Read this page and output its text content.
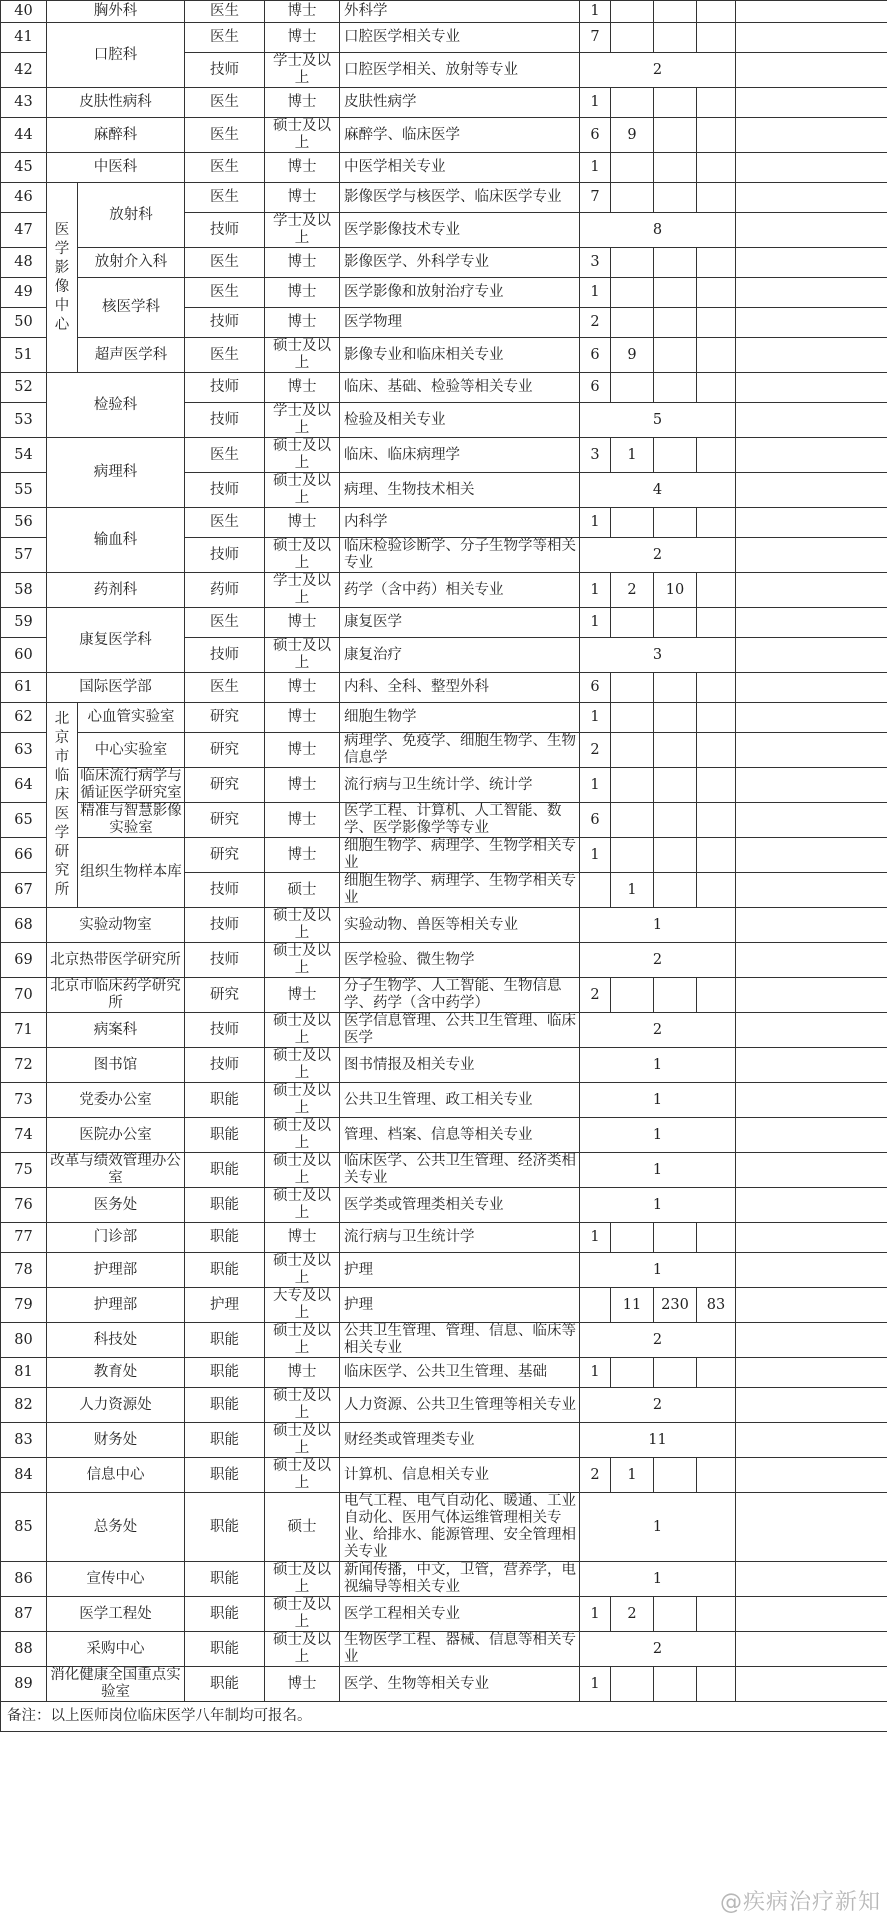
40	胸外科		医生	博士	外科学	1				
41	口腔科		医生	博士	口腔医学相关专业	7				
42			技师	学士及以上	口腔医学相关、放射等专业	2				
43	皮肤性病科		医生	博士	皮肤性病学	1				
44	麻醉科		医生	硕士及以上	麻醉学、临床医学	6	9			
45	中医科		医生	博士	中医学相关专业	1				
46	医学影像中心	放射科	医生	博士	影像医学与核医学、临床医学专业	7				
47			技师	学士及以上	医学影像技术专业	8				
48		放射介入科	医生	博士	影像医学、外科学专业	3				
49		核医学科	医生	博士	医学影像和放射治疗专业	1				
50			技师	博士	医学物理	2				
51		超声医学科	医生	硕士及以上	影像专业和临床相关专业	6	9			
52	检验科		技师	博士	临床、基础、检验等相关专业	6				
53			技师	学士及以上	检验及相关专业	5				
54	病理科		医生	硕士及以上	临床、临床病理学	3	1			
55			技师	硕士及以上	病理、生物技术相关	4				
56	输血科		医生	博士	内科学	1				
57			技师	硕士及以上	临床检验诊断学、分子生物学等相关专业	2				
58	药剂科		药师	学士及以上	药学（含中药）相关专业	1	2	10		
59	康复医学科		医生	博士	康复医学	1				
60			技师	硕士及以上	康复治疗	3				
61	国际医学部		医生	博士	内科、全科、整型外科	6				
62	北京市临床医学研究所	心血管实验室	研究	博士	细胞生物学	1				
63		中心实验室	研究	博士	病理学、免疫学、细胞生物学、生物信息学	2				
64		临床流行病学与循证医学研究室	研究	博士	流行病与卫生统计学、统计学	1				
65		精准与智慧影像实验室	研究	博士	医学工程、计算机、人工智能、数学、医学影像学等专业	6				
66		组织生物样本库	研究	博士	细胞生物学、病理学、生物学相关专业	1				
67			技师	硕士	细胞生物学、病理学、生物学相关专业		1			
68	实验动物室		技师	硕士及以上	实验动物、兽医等相关专业	1				
69	北京热带医学研究所		技师	硕士及以上	医学检验、微生物学	2				
70	北京市临床药学研究所		研究	博士	分子生物学、人工智能、生物信息学、药学（含中药学）	2				
71	病案科		技师	硕士及以上	医学信息管理、公共卫生管理、临床医学	2				
72	图书馆		技师	硕士及以上	图书情报及相关专业	1				
73	党委办公室		职能	硕士及以上	公共卫生管理、政工相关专业	1				
74	医院办公室		职能	硕士及以上	管理、档案、信息等相关专业	1				
75	改革与绩效管理办公室		职能	硕士及以上	临床医学、公共卫生管理、经济类相关专业	1				
76	医务处		职能	硕士及以上	医学类或管理类相关专业	1				
77	门诊部		职能	博士	流行病与卫生统计学	1				
78	护理部		职能	硕士及以上	护理	1				
79	护理部		护理	大专及以上	护理		11	230	83	
80	科技处		职能	硕士及以上	公共卫生管理、管理、信息、临床等相关专业	2				
81	教育处		职能	博士	临床医学、公共卫生管理、基础	1				
82	人力资源处		职能	硕士及以上	人力资源、公共卫生管理等相关专业	2				
83	财务处		职能	硕士及以上	财经类或管理类专业	11				
84	信息中心		职能	硕士及以上	计算机、信息相关专业	2	1			
85	总务处		职能	硕士	电气工程、电气自动化、暖通、工业自动化、医用气体运维管理相关专业、给排水、能源管理、安全管理相关专业	1				
86	宣传中心		职能	硕士及以上	新闻传播，中文，卫管，营养学，电视编导等相关专业	1				
87	医学工程处		职能	硕士及以上	医学工程相关专业	1	2			
88	采购中心		职能	硕士及以上	生物医学工程、器械、信息等相关专业	2				
89	消化健康全国重点实验室		职能	博士	医学、生物等相关专业	1				
备注：以上医师岗位临床医学八年制均可报名。										
@疾病治疗新知
